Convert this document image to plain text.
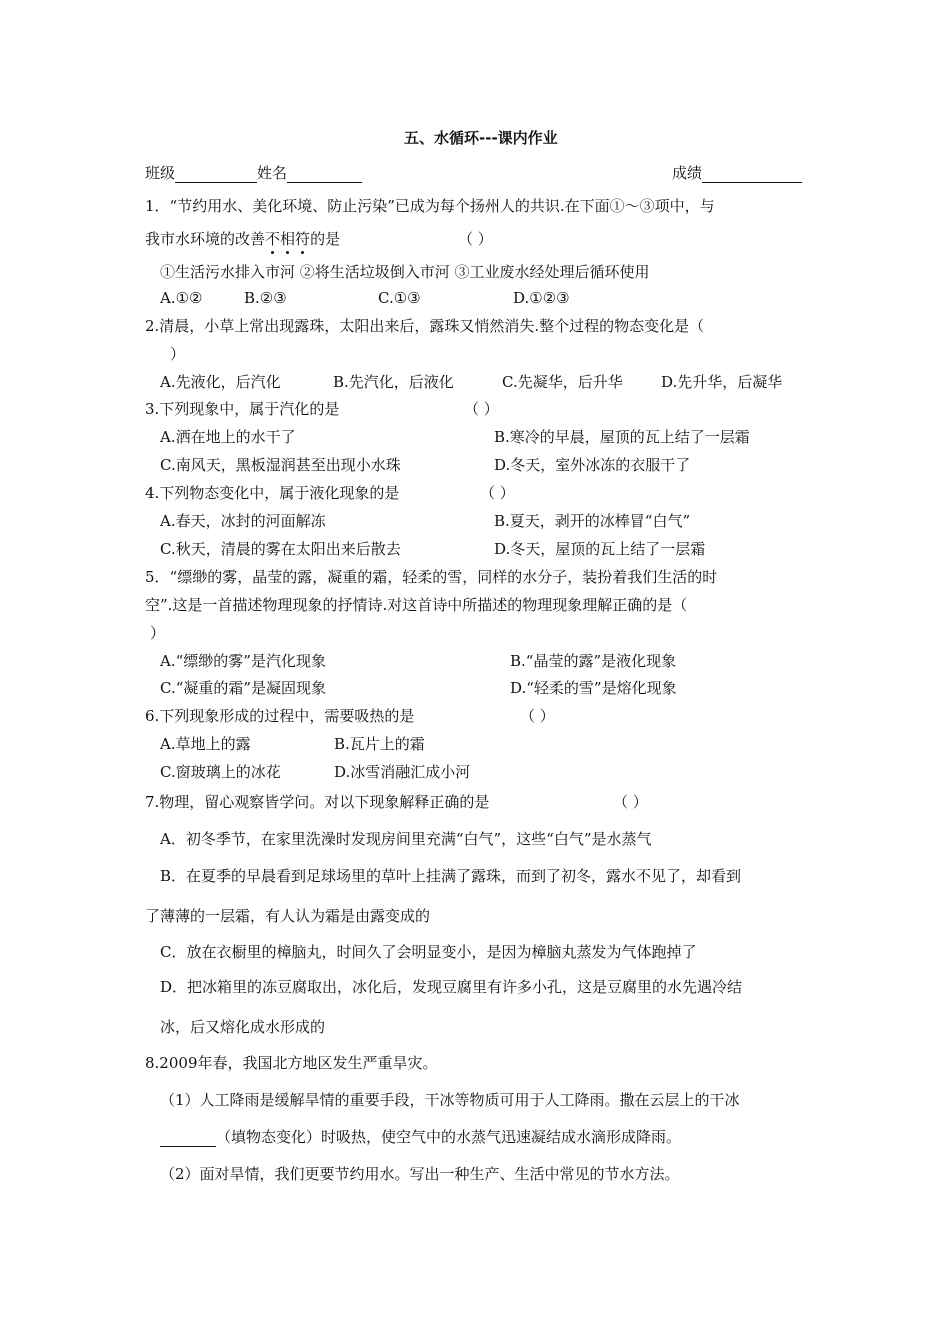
五、水循环---课内作业
班级	姓名	成绩
1．“节约用水、美化环境、防止污染”已成为每个扬州人的共识.在下面①～③项中，与
我市水环境的改善不相符的是	（ ）
①生活污水排入市河 ②将生活垃圾倒入市河 ③工业废水经处理后循环使用
A.①②	B.②③	C.①③	D.①②③
2.清晨，小草上常出现露珠，太阳出来后，露珠又悄然消失.整个过程的物态变化是（
）
A.先液化，后汽化	B.先汽化，后液化	C.先凝华，后升华	D.先升华，后凝华
3.下列现象中，属于汽化的是	（ ）
A.洒在地上的水干了	B.寒冷的早晨，屋顶的瓦上结了一层霜
C.南风天，黑板湿润甚至出现小水珠	D.冬天，室外冰冻的衣服干了
4.下列物态变化中，属于液化现象的是	（ ）
A.春天，冰封的河面解冻	B.夏天，剥开的冰棒冒“白气”
C.秋天，清晨的雾在太阳出来后散去	D.冬天，屋顶的瓦上结了一层霜
5．“缥缈的雾，晶莹的露，凝重的霜，轻柔的雪，同样的水分子，装扮着我们生活的时
空”.这是一首描述物理现象的抒情诗.对这首诗中所描述的物理现象理解正确的是（
）
A.“缥缈的雾”是汽化现象	B.“晶莹的露”是液化现象
C.“凝重的霜”是凝固现象	D.“轻柔的雪”是熔化现象
6.下列现象形成的过程中，需要吸热的是	（ ）
A.草地上的露	B.瓦片上的霜
C.窗玻璃上的冰花	D.冰雪消融汇成小河
7.物理，留心观察皆学问。对以下现象解释正确的是	（ ）
A．初冬季节，在家里洗澡时发现房间里充满“白气”，这些“白气”是水蒸气
B．在夏季的早晨看到足球场里的草叶上挂满了露珠，而到了初冬，露水不见了，却看到
了薄薄的一层霜，有人认为霜是由露变成的
C．放在衣橱里的樟脑丸，时间久了会明显变小，是因为樟脑丸蒸发为气体跑掉了
D．把冰箱里的冻豆腐取出，冰化后，发现豆腐里有许多小孔，这是豆腐里的水先遇冷结
冰，后又熔化成水形成的
8.2009年春，我国北方地区发生严重旱灾。
（1）人工降雨是缓解旱情的重要手段，干冰等物质可用于人工降雨。撒在云层上的干冰
（填物态变化）时吸热，使空气中的水蒸气迅速凝结成水滴形成降雨。
（2）面对旱情，我们更要节约用水。写出一种生产、生活中常见的节水方法。
